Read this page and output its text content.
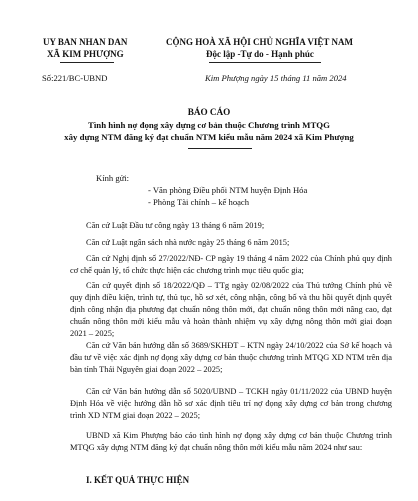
UY BAN NHAN DAN
XÃ KIM PHƯỢNG
CỘNG HOÀ XÃ HỘI CHỦ NGHĨA VIỆT NAM
Độc lập -Tự do - Hạnh phúc
Số:221/BC-UBND	Kim Phượng ngày 15 tháng 11 năm 2024
BÁO CÁO
Tình hình nợ đọng xây dựng cơ bản thuộc Chương trình MTQG
xây dựng NTM đăng ký đạt chuẩn NTM kiểu mẫu năm 2024 xã Kim Phượng
Kính gửi:
- Văn phòng Điều phối NTM huyện Định Hóa
- Phòng Tài chính – kế hoạch
Căn cứ Luật Đầu tư công ngày 13 tháng 6 năm 2019;
Căn cứ Luật ngân sách nhà nước ngày 25 tháng 6 năm 2015;
Căn cứ Nghị định số 27/2022/NĐ- CP ngày 19 tháng 4 năm 2022 của Chính phủ quy định cơ chế quản lý, tổ chức thực hiện các chương trình mục tiêu quốc gia;
Căn cứ quyết định số 18/2022/QĐ – TTg ngày 02/08/2022 của Thủ tướng Chính phủ về quy định điều kiện, trình tự, thủ tục, hồ sơ xét, công nhận, công bố và thu hồi quyết định quyết định công nhận địa phương đạt chuẩn nông thôn mới, đạt chuẩn nông thôn mới nâng cao, đạt chuẩn nông thôn mới kiểu mẫu và hoàn thành nhiệm vụ xây dựng nông thôn mới giai đoạn 2021 – 2025;
Căn cứ Văn bản hướng dẫn số 3689/SKHĐT – KTN ngày 24/10/2022 của Sở kế hoạch và đầu tư về việc xác định nợ đọng xây dựng cơ bản thuộc chương trình MTQG XD NTM trên địa bàn tỉnh Thái Nguyên giai đoạn 2022 – 2025;
Căn cứ Văn bản hướng dẫn số 5020/UBND – TCKH ngày 01/11/2022 của UBND huyện Định Hóa về việc hướng dẫn hồ sơ xác định tiêu trí nợ đọng xây dựng cơ bản trong chương trình XD NTM giai đoạn 2022 – 2025;
UBND xã Kim Phượng báo cáo tình hình nợ đọng xây dựng cơ bản thuộc Chương trình MTQG xây dựng NTM đăng ký đạt chuẩn nông thôn mới kiểu mẫu năm 2024 như sau:
I. KẾT QUẢ THỰC HIỆN
